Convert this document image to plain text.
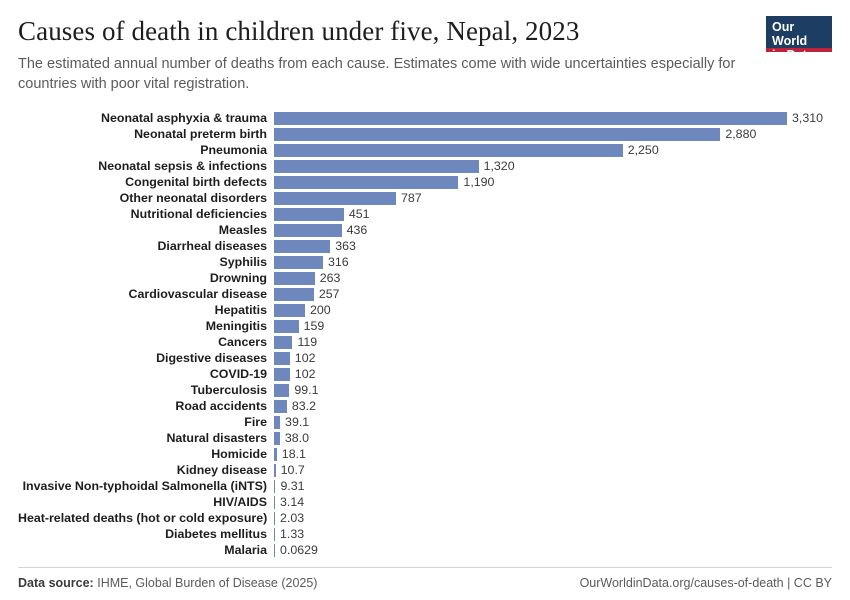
Causes of death in children under five, Nepal, 2023

The estimated annual number of deaths from each cause. Estimates come with wide uncertainties especially for countries with poor vital registration.

Our World
in Data
Neonatal asphyxia & trauma	3,310
Neonatal preterm birth	2,880
Pneumonia	2,250
Neonatal sepsis & infections	1,320
Congenital birth defects	1,190
Other neonatal disorders	787
Nutritional deficiencies	451
Measles	436
Diarrheal diseases	363
Syphilis	316
Drowning	263
Cardiovascular disease	257
Hepatitis	200
Meningitis	159
Cancers	119
Digestive diseases	102
COVID-19	102
Tuberculosis	99.1
Road accidents	83.2
Fire	39.1
Natural disasters	38.0
Homicide	18.1
Kidney disease	10.7
Invasive Non-typhoidal Salmonella (iNTS)	9.31
HIV/AIDS	3.14
Heat-related deaths (hot or cold exposure)	2.03
Diabetes mellitus	1.33
Malaria	0.0629
Data source: IHME, Global Burden of Disease (2025)	OurWorldinData.org/causes-of-death | CC BY
